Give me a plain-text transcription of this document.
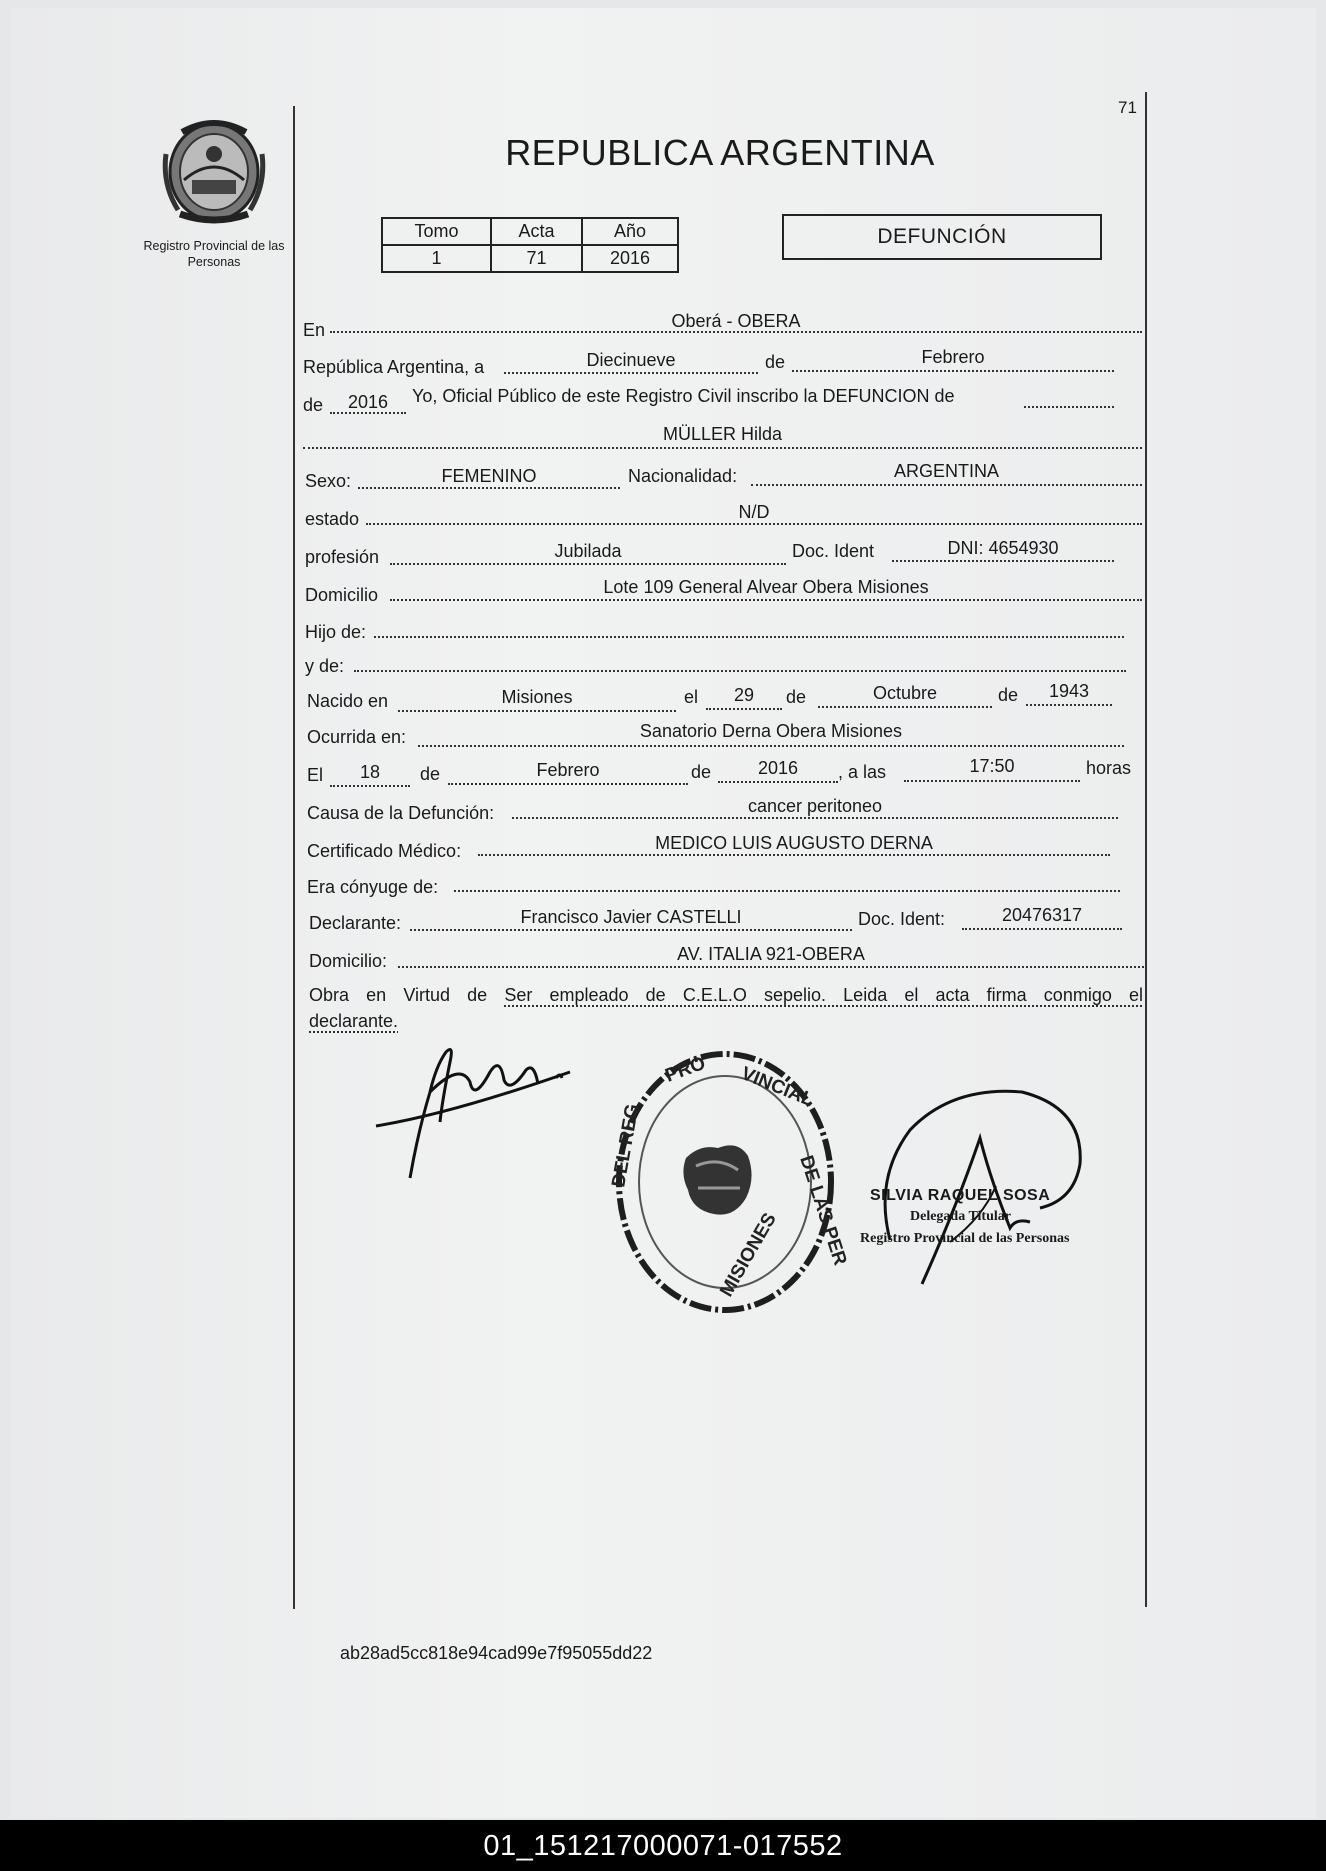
Registro Provincial de las Personas
71
REPUBLICA ARGENTINA
Tomo	Acta	Año
1	71	2016
DEFUNCIÓN
En	Oberá - OBERA
República Argentina, a	Diecinueve	de	Febrero
de	2016	Yo, Oficial Público de este Registro Civil inscribo la DEFUNCION de
MÜLLER Hilda
Sexo:	FEMENINO	Nacionalidad:	ARGENTINA
estado	N/D
profesión	Jubilada	Doc. Ident	DNI: 4654930
Domicilio	Lote 109 General Alvear Obera Misiones
Hijo de:
y de:
Nacido en	Misiones	el	29	de	Octubre	de	1943
Ocurrida en:	Sanatorio Derna Obera Misiones
El	18	de	Febrero	de	2016	, a las	17:50	horas
Causa de la Defunción:	cancer peritoneo
Certificado Médico:	MEDICO LUIS AUGUSTO DERNA
Era cónyuge de:
Declarante:	Francisco Javier CASTELLI	Doc. Ident:	20476317
Domicilio:	AV. ITALIA 921-OBERA
Obra en Virtud de Ser empleado de C.E.L.O sepelio. Leida el acta firma conmigo el
declarante.
PRO VINCIAL
DE LAS PER
DEL REG
MISIONES
SILVIA RAQUEL SOSA
Delegada Titular
Registro Provincial de las Personas
ab28ad5cc818e94cad99e7f95055dd22
01_151217000071-017552
